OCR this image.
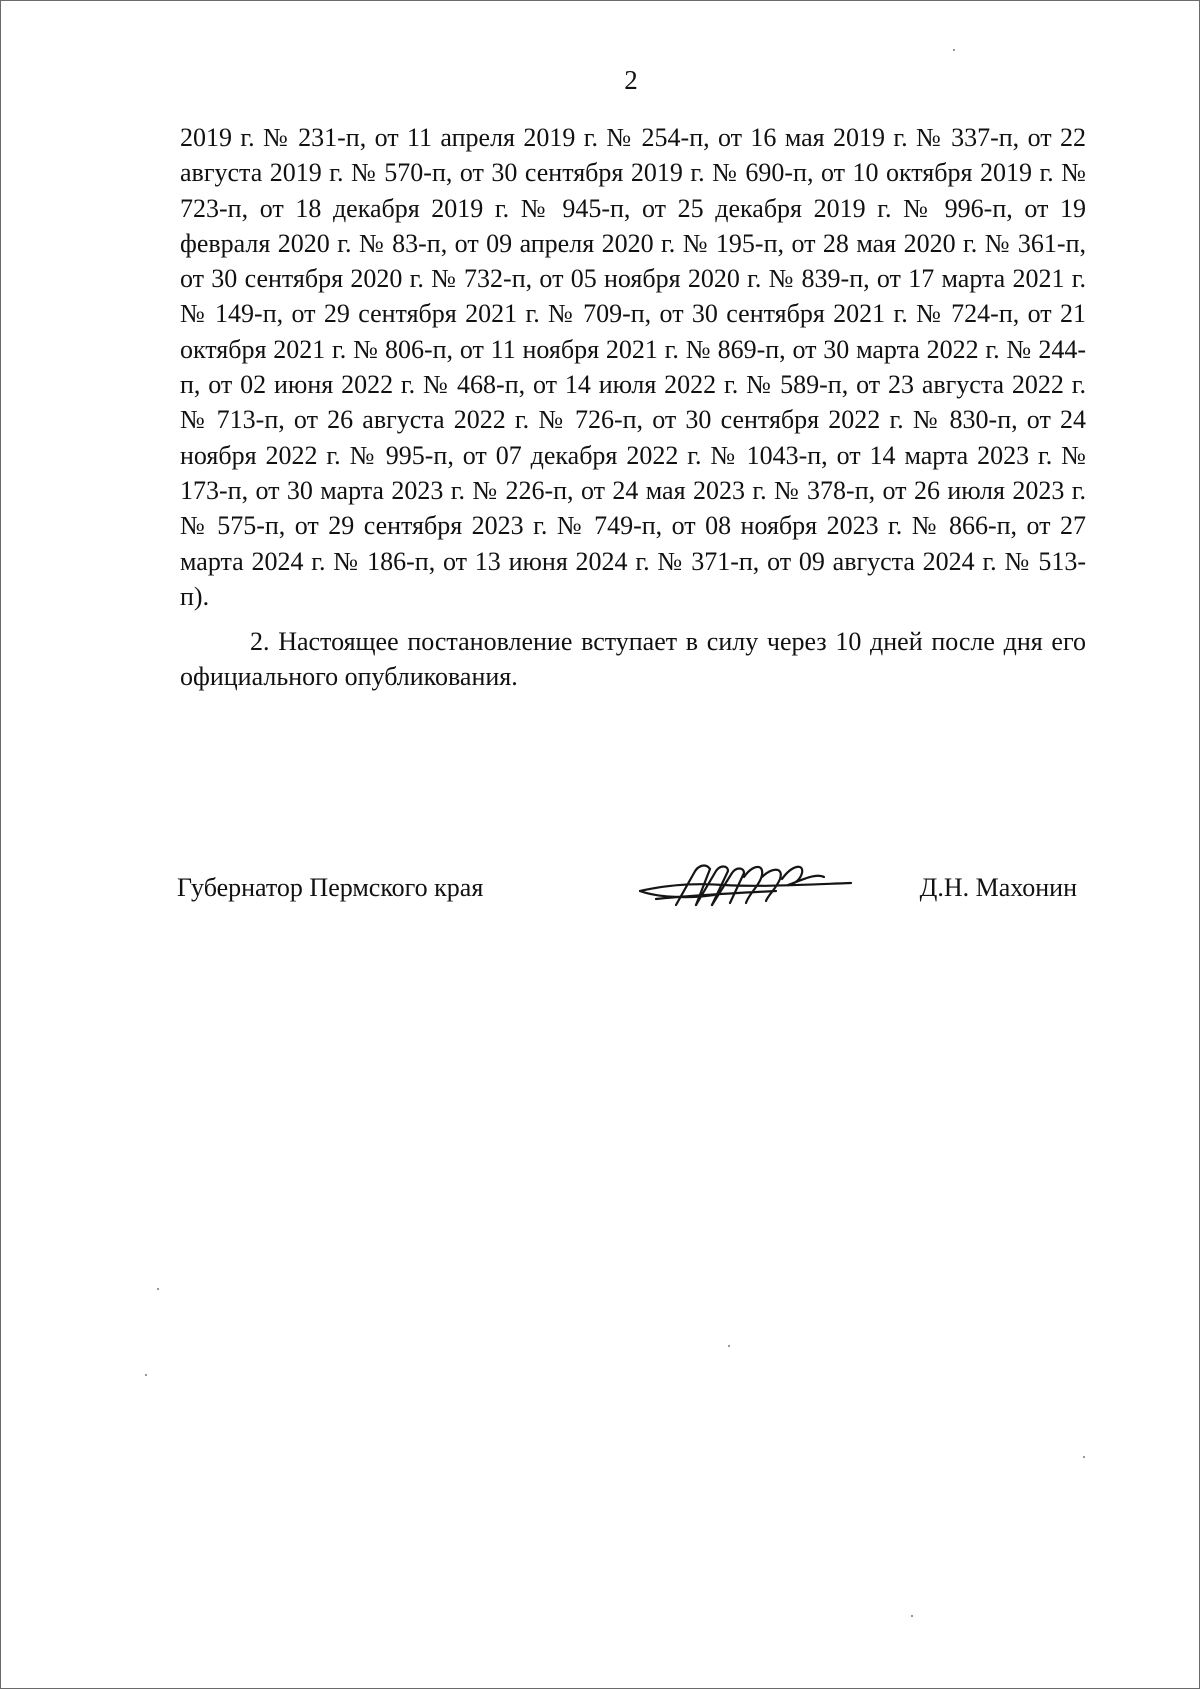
2

2019 г. № 231-п, от 11 апреля 2019 г. № 254-п, от 16 мая 2019 г. № 337-п, от 22 августа 2019 г. № 570-п, от 30 сентября 2019 г. № 690-п, от 10 октября 2019 г. № 723-п, от 18 декабря 2019 г. № 945-п, от 25 декабря 2019 г. № 996-п, от 19 февраля 2020 г. № 83-п, от 09 апреля 2020 г. № 195-п, от 28 мая 2020 г. № 361-п, от 30 сентября 2020 г. № 732-п, от 05 ноября 2020 г. № 839-п, от 17 марта 2021 г. № 149-п, от 29 сентября 2021 г. № 709-п, от 30 сентября 2021 г. № 724-п, от 21 октября 2021 г. № 806-п, от 11 ноября 2021 г. № 869-п, от 30 марта 2022 г. № 244-п, от 02 июня 2022 г. № 468-п, от 14 июля 2022 г. № 589-п, от 23 августа 2022 г. № 713-п, от 26 августа 2022 г. № 726-п, от 30 сентября 2022 г. № 830-п, от 24 ноября 2022 г. № 995-п, от 07 декабря 2022 г. № 1043-п, от 14 марта 2023 г. № 173-п, от 30 марта 2023 г. № 226-п, от 24 мая 2023 г. № 378-п, от 26 июля 2023 г. № 575-п, от 29 сентября 2023 г. № 749-п, от 08 ноября 2023 г. № 866-п, от 27 марта 2024 г. № 186-п, от 13 июня 2024 г. № 371-п, от 09 августа 2024 г. № 513-п).

2. Настоящее постановление вступает в силу через 10 дней после дня его официального опубликования.

Губернатор Пермского края	Д.Н. Махонин
